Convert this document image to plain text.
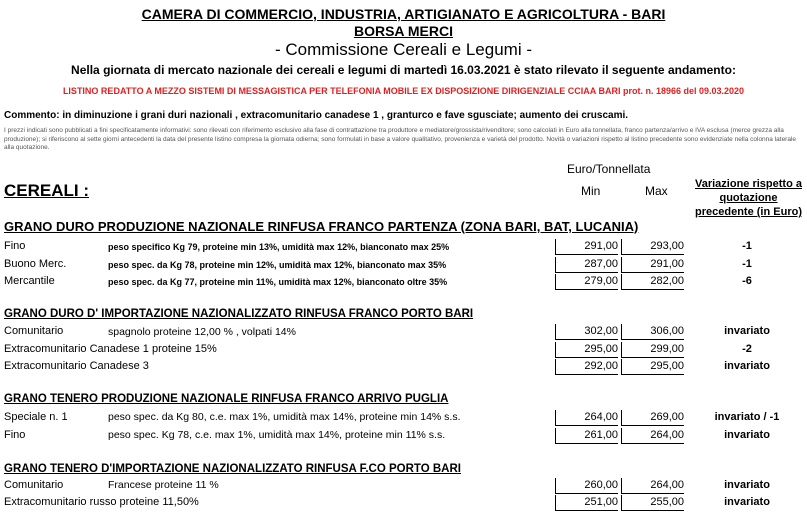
CAMERA DI COMMERCIO, INDUSTRIA, ARTIGIANATO E AGRICOLTURA - BARI
BORSA MERCI
- Commissione Cereali e Legumi -
Nella giornata di mercato nazionale dei cereali e legumi di martedì 16.03.2021 è stato rilevato il seguente andamento:
LISTINO REDATTO A MEZZO SISTEMI DI MESSAGISTICA PER TELEFONIA MOBILE EX DISPOSIZIONE DIRIGENZIALE CCIAA BARI prot. n. 18966 del 09.03.2020
Commento: in diminuzione i grani duri nazionali , extracomunitario canadese 1 , granturco e fave sgusciate; aumento dei cruscami.
I prezzi indicati sono pubblicati a fini specificatamente informativi: sono rilevati con riferimento esclusivo alla fase di contrattazione tra produttore e mediatore/grossista/rivenditore; sono calcolati in Euro alla tonnellata, franco partenza/arrivo e IVA esclusa (merce grezza alla produzione); si riferiscono al sette giorni antecedenti la data del presente listino compresa la giornata odierna; sono formulati in base a valore qualitativo, provenienza e varietà del prodotto. Novità o variazioni rispetto al listino precedente sono evidenziate nella colonna laterale alla quotazione.
Euro/Tonnellata
Min	Max	Variazione rispetto a quotazione precedente (in Euro)
CEREALI :
GRANO DURO PRODUZIONE NAZIONALE RINFUSA FRANCO PARTENZA (ZONA BARI, BAT, LUCANIA)
Fino	peso specifico Kg 79, proteine min 13%, umidità max 12%, bianconato max 25%	291,00	293,00	-1
Buono Merc.	peso spec. da Kg 78, proteine min 12%, umidità max 12%, bianconato max 35%	287,00	291,00	-1
Mercantile	peso spec. da Kg 77, proteine min 11%, umidità max 12%, bianconato oltre 35%	279,00	282,00	-6
GRANO DURO D' IMPORTAZIONE NAZIONALIZZATO RINFUSA FRANCO PORTO BARI
Comunitario	spagnolo proteine 12,00 % , volpati 14%	302,00	306,00	invariato
Extracomunitario Canadese 1 proteine 15%	295,00	299,00	-2
Extracomunitario Canadese 3	292,00	295,00	invariato
GRANO TENERO PRODUZIONE NAZIONALE RINFUSA FRANCO ARRIVO PUGLIA
Speciale n. 1	peso spec. da Kg 80, c.e. max 1%, umidità max 14%, proteine min 14% s.s.	264,00	269,00	invariato / -1
Fino	peso spec. Kg 78, c.e. max 1%, umidità max 14%, proteine min 11% s.s.	261,00	264,00	invariato
GRANO TENERO D'IMPORTAZIONE NAZIONALIZZATO RINFUSA F.CO PORTO BARI
Comunitario	Francese proteine 11 %	260,00	264,00	invariato
Extracomunitario russo proteine 11,50%	251,00	255,00	invariato
